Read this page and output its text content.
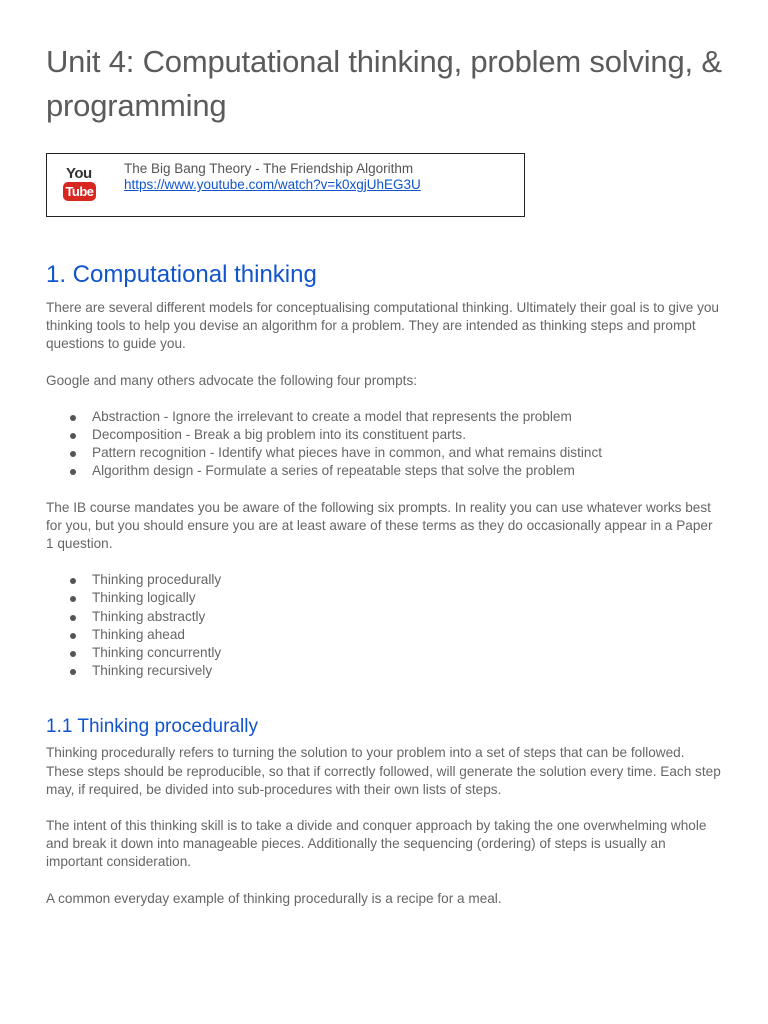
Unit 4: Computational thinking, problem solving, & programming
You
Tube
The Big Bang Theory - The Friendship Algorithm
https://www.youtube.com/watch?v=k0xgjUhEG3U
1. Computational thinking

There are several different models for conceptualising computational thinking. Ultimately their goal is to give you thinking tools to help you devise an algorithm for a problem. They are intended as thinking steps and prompt questions to guide you.

Google and many others advocate the following four prompts:

Abstraction - Ignore the irrelevant to create a model that represents the problem
Decomposition - Break a big problem into its constituent parts.
Pattern recognition - Identify what pieces have in common, and what remains distinct
Algorithm design - Formulate a series of repeatable steps that solve the problem

The IB course mandates you be aware of the following six prompts. In reality you can use whatever works best for you, but you should ensure you are at least aware of these terms as they do occasionally appear in a Paper 1 question.

Thinking procedurally
Thinking logically
Thinking abstractly
Thinking ahead
Thinking concurrently
Thinking recursively
1.1 Thinking procedurally

Thinking procedurally refers to turning the solution to your problem into a set of steps that can be followed. These steps should be reproducible, so that if correctly followed, will generate the solution every time. Each step may, if required, be divided into sub-procedures with their own lists of steps.

The intent of this thinking skill is to take a divide and conquer approach by taking the one overwhelming whole and break it down into manageable pieces. Additionally the sequencing (ordering) of steps is usually an important consideration.

A common everyday example of thinking procedurally is a recipe for a meal.
